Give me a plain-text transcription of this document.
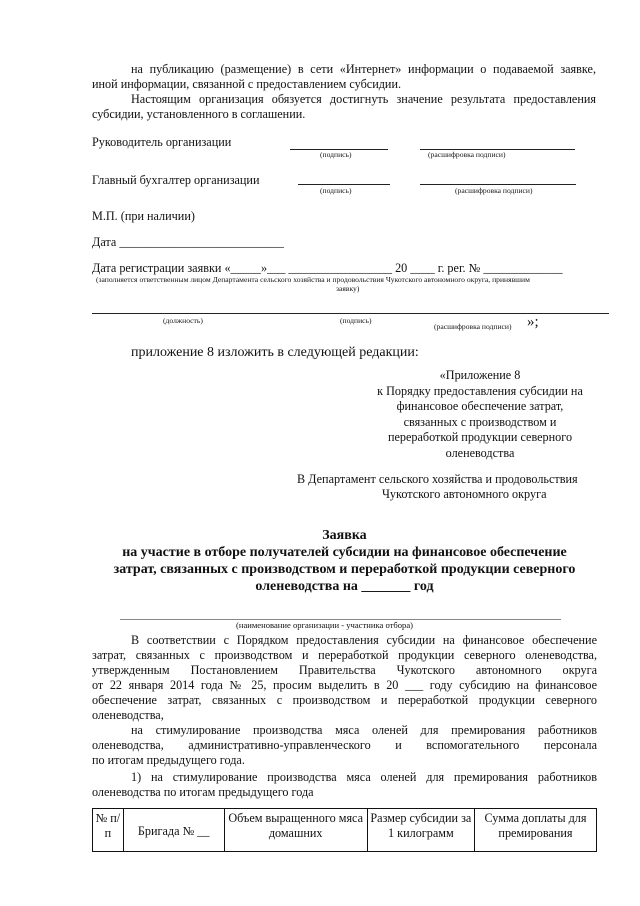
на публикацию (размещение) в сети «Интернет» информации о подаваемой заявке,
иной информации, связанной с предоставлением субсидии.
Настоящим организация обязуется достигнуть значение результата предоставления
субсидии, установленного в соглашении.
Руководитель организации
(подпись)	(расшифровка подписи)
Главный бухгалтер организации
(подпись)	(расшифровка подписи)
М.П. (при наличии)
Дата ___________________________
Дата регистрации заявки «_____»___ _________________ 20 ____ г. рег. № _____________
(заполняется ответственным лицом Департамента сельского хозяйства и продовольствия Чукотского автономного округа, принявшим
заявку)
(должность)	(подпись)
(расшифровка подписи) »;
приложение 8 изложить в следующей редакции:
«Приложение 8
к Порядку предоставления субсидии на
финансовое обеспечение затрат,
связанных с производством и
переработкой продукции северного
оленеводства
В Департамент сельского хозяйства и продовольствия
Чукотского автономного округа
Заявка
на участие в отборе получателей субсидии на финансовое обеспечение
затрат, связанных с производством и переработкой продукции северного
оленеводства на _______ год
(наименование организации - участника отбора)
В соответствии с Порядком предоставления субсидии на финансовое обеспечение
затрат, связанных с производством и переработкой продукции северного оленеводства,
утвержденным Постановлением Правительства Чукотского автономного округа
от 22 января 2014 года № 25, просим выделить в 20 ___ году субсидию на финансовое
обеспечение затрат, связанных с производством и переработкой продукции северного
оленеводства,
на стимулирование производства мяса оленей для премирования работников
оленеводства, административно-управленческого и вспомогательного персонала
по итогам предыдущего года.
1) на стимулирование производства мяса оленей для премирования работников
оленеводства по итогам предыдущего года
№ п/п	Бригада № __	Объем выращенного мяса домашних	Размер субсидии за 1 килограмм	Сумма доплаты для премирования
